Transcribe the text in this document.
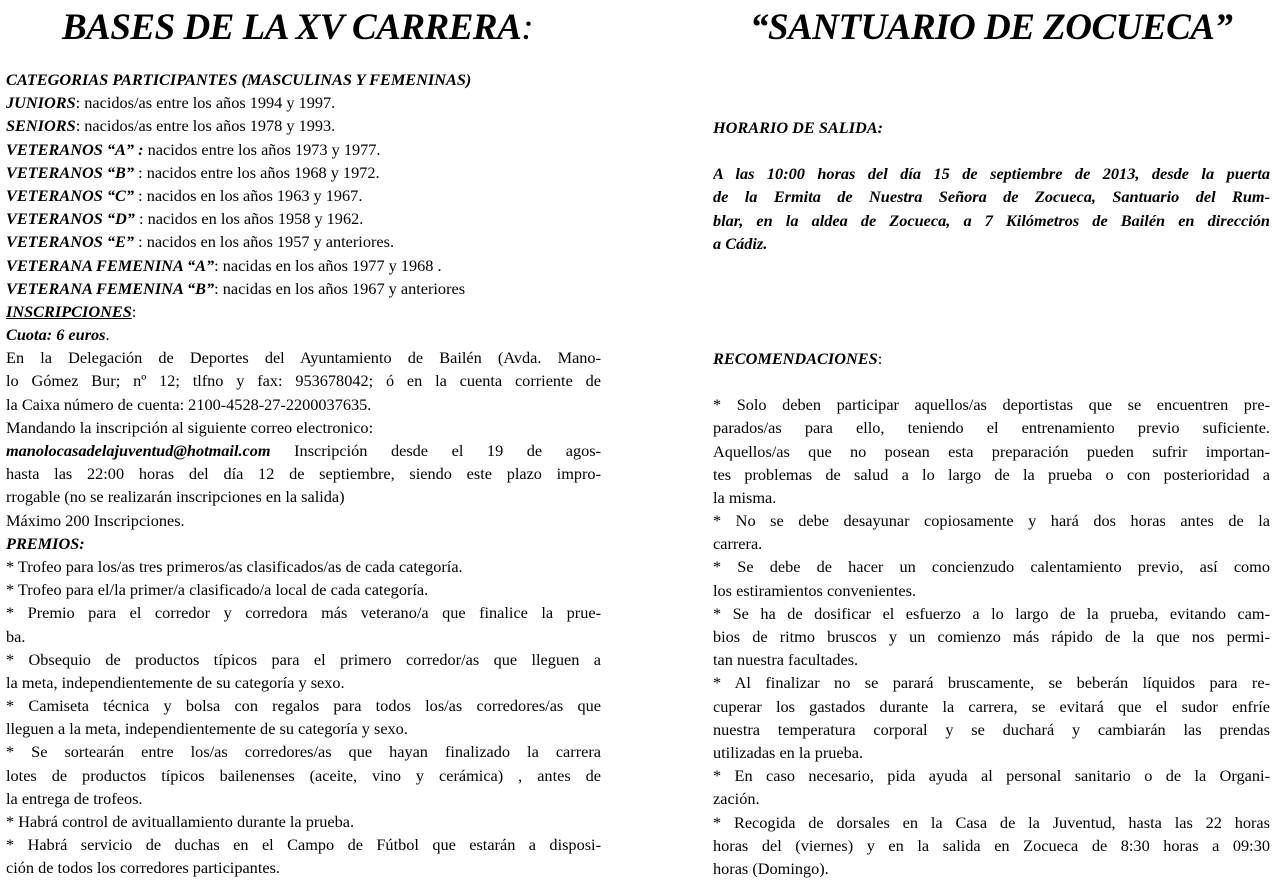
BASES DE LA XV CARRERA:	“SANTUARIO DE ZOCUECA”
CATEGORIAS PARTICIPANTES (MASCULINAS Y FEMENINAS)
JUNIORS: nacidos/as entre los años 1994 y 1997.
SENIORS: nacidos/as entre los años 1978 y 1993.
VETERANOS “A” : nacidos entre los años 1973 y 1977.
VETERANOS “B” : nacidos entre los años 1968 y 1972.
VETERANOS “C” : nacidos en los años 1963 y 1967.
VETERANOS “D” : nacidos en los años 1958 y 1962.
VETERANOS “E” : nacidos en los años 1957 y anteriores.
VETERANA FEMENINA “A”: nacidas en los años 1977 y 1968 .
VETERANA FEMENINA “B”: nacidas en los años 1967 y anteriores
INSCRIPCIONES:
Cuota: 6 euros.
En la Delegación de Deportes del Ayuntamiento de Bailén (Avda. Mano-
lo Gómez Bur; nº 12; tlfno y fax: 953678042; ó en la cuenta corriente de
la Caixa número de cuenta: 2100-4528-27-2200037635.
Mandando la inscripción al siguiente correo electronico:
manolocasadelajuventud@hotmail.com Inscripción desde el 19 de agos-
hasta las 22:00 horas del día 12 de septiembre, siendo este plazo impro-
rrogable (no se realizarán inscripciones en la salida)
Máximo 200 Inscripciones.
PREMIOS:
* Trofeo para los/as tres primeros/as clasificados/as de cada categoría.
* Trofeo para el/la primer/a clasificado/a local de cada categoría.
* Premio para el corredor y corredora más veterano/a que finalice la prue-
ba.
* Obsequio de productos típicos para el primero corredor/as que lleguen a
la meta, independientemente de su categoría y sexo.
* Camiseta técnica y bolsa con regalos para todos los/as corredores/as que
lleguen a la meta, independientemente de su categoría y sexo.
* Se sortearán entre los/as corredores/as que hayan finalizado la carrera
lotes de productos típicos bailenenses (aceite, vino y cerámica) , antes de
la entrega de trofeos.
* Habrá control de avituallamiento durante la prueba.
* Habrá servicio de duchas en el Campo de Fútbol que estarán a disposi-
ción de todos los corredores participantes.
HORARIO DE SALIDA:
A las 10:00 horas del día 15 de septiembre de 2013, desde la puerta
de la Ermita de Nuestra Señora de Zocueca, Santuario del Rum-
blar, en la aldea de Zocueca, a 7 Kilómetros de Bailén en dirección
a Cádiz.
RECOMENDACIONES:
* Solo deben participar aquellos/as deportistas que se encuentren pre-
parados/as para ello, teniendo el entrenamiento previo suficiente.
Aquellos/as que no posean esta preparación pueden sufrir importan-
tes problemas de salud a lo largo de la prueba o con posterioridad a
la misma.
* No se debe desayunar copiosamente y hará dos horas antes de la
carrera.
* Se debe de hacer un concienzudo calentamiento previo, así como
los estiramientos convenientes.
* Se ha de dosificar el esfuerzo a lo largo de la prueba, evitando cam-
bios de ritmo bruscos y un comienzo más rápido de la que nos permi-
tan nuestra facultades.
* Al finalizar no se parará bruscamente, se beberán líquidos para re-
cuperar los gastados durante la carrera, se evitará que el sudor enfríe
nuestra temperatura corporal y se duchará y cambiarán las prendas
utilizadas en la prueba.
* En caso necesario, pida ayuda al personal sanitario o de la Organi-
zación.
* Recogida de dorsales en la Casa de la Juventud, hasta las 22 horas
horas del (viernes) y en la salida en Zocueca de 8:30 horas a 09:30
horas (Domingo).
